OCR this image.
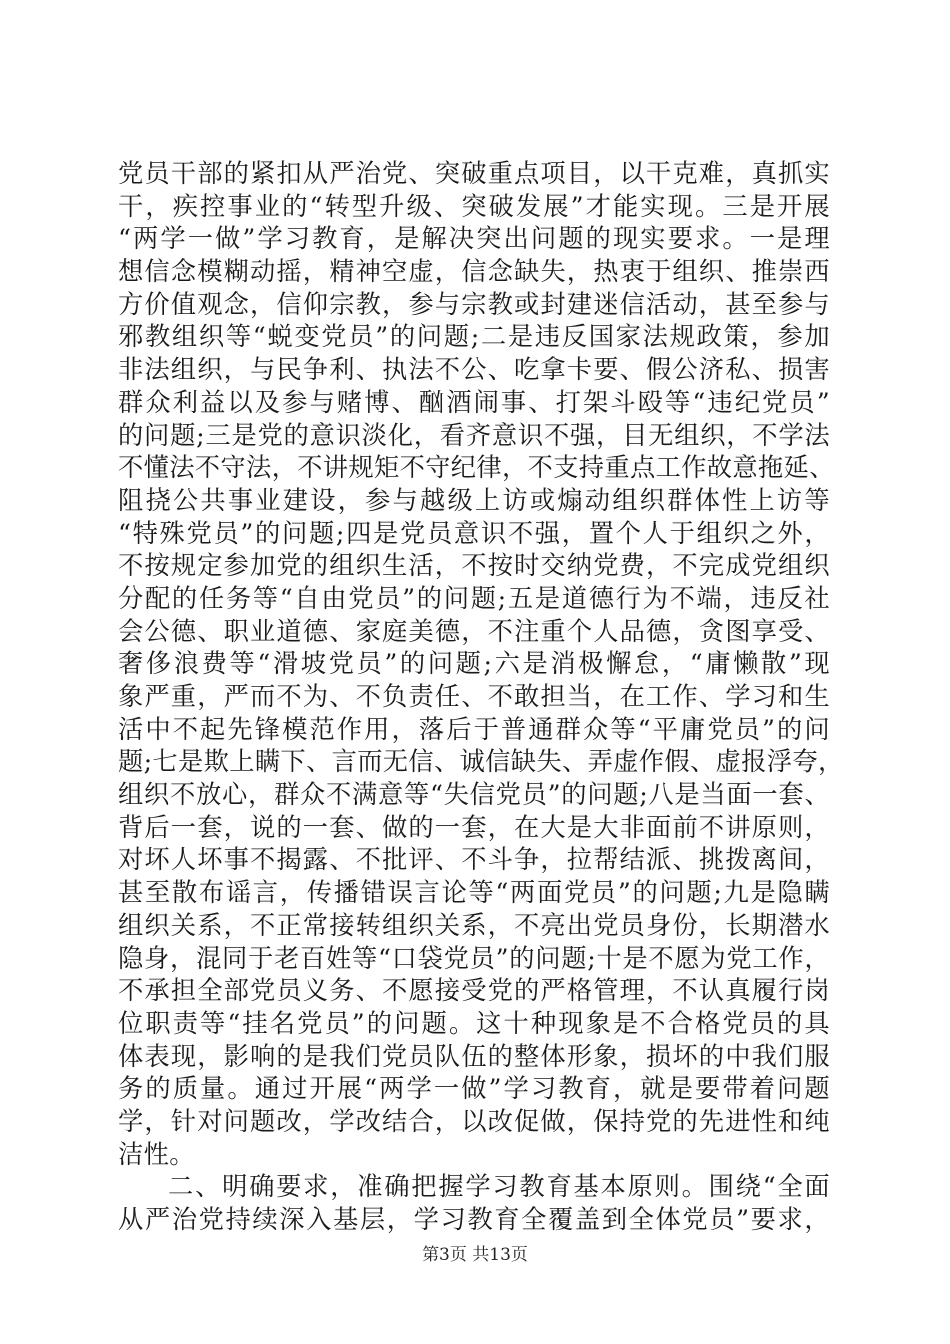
党员干部的紧扣从严治党、突破重点项目，以干克难，真抓实
干，疾控事业的“转型升级、突破发展”才能实现。三是开展
“两学一做”学习教育，是解决突出问题的现实要求。一是理
想信念模糊动摇，精神空虚，信念缺失，热衷于组织、推崇西
方价值观念，信仰宗教，参与宗教或封建迷信活动，甚至参与
邪教组织等“蜕变党员”的问题;二是违反国家法规政策，参加
非法组织，与民争利、执法不公、吃拿卡要、假公济私、损害
群众利益以及参与赌博、酗酒闹事、打架斗殴等“违纪党员”
的问题;三是党的意识淡化，看齐意识不强，目无组织，不学法
不懂法不守法，不讲规矩不守纪律，不支持重点工作故意拖延、
阻挠公共事业建设，参与越级上访或煽动组织群体性上访等
“特殊党员”的问题;四是党员意识不强，置个人于组织之外，
不按规定参加党的组织生活，不按时交纳党费，不完成党组织
分配的任务等“自由党员”的问题;五是道德行为不端，违反社
会公德、职业道德、家庭美德，不注重个人品德，贪图享受、
奢侈浪费等“滑坡党员”的问题;六是消极懈怠，“庸懒散”现
象严重，严而不为、不负责任、不敢担当，在工作、学习和生
活中不起先锋模范作用，落后于普通群众等“平庸党员”的问
题;七是欺上瞒下、言而无信、诚信缺失、弄虚作假、虚报浮夸，
组织不放心，群众不满意等“失信党员”的问题;八是当面一套、
背后一套，说的一套、做的一套，在大是大非面前不讲原则，
对坏人坏事不揭露、不批评、不斗争，拉帮结派、挑拨离间，
甚至散布谣言，传播错误言论等“两面党员”的问题;九是隐瞒
组织关系，不正常接转组织关系，不亮出党员身份，长期潜水
隐身，混同于老百姓等“口袋党员”的问题;十是不愿为党工作，
不承担全部党员义务、不愿接受党的严格管理，不认真履行岗
位职责等“挂名党员”的问题。这十种现象是不合格党员的具
体表现，影响的是我们党员队伍的整体形象，损坏的中我们服
务的质量。通过开展“两学一做”学习教育，就是要带着问题
学，针对问题改，学改结合，以改促做，保持党的先进性和纯
洁性。
二、明确要求，准确把握学习教育基本原则。围绕“全面
从严治党持续深入基层，学习教育全覆盖到全体党员”要求，
第3页 共13页
